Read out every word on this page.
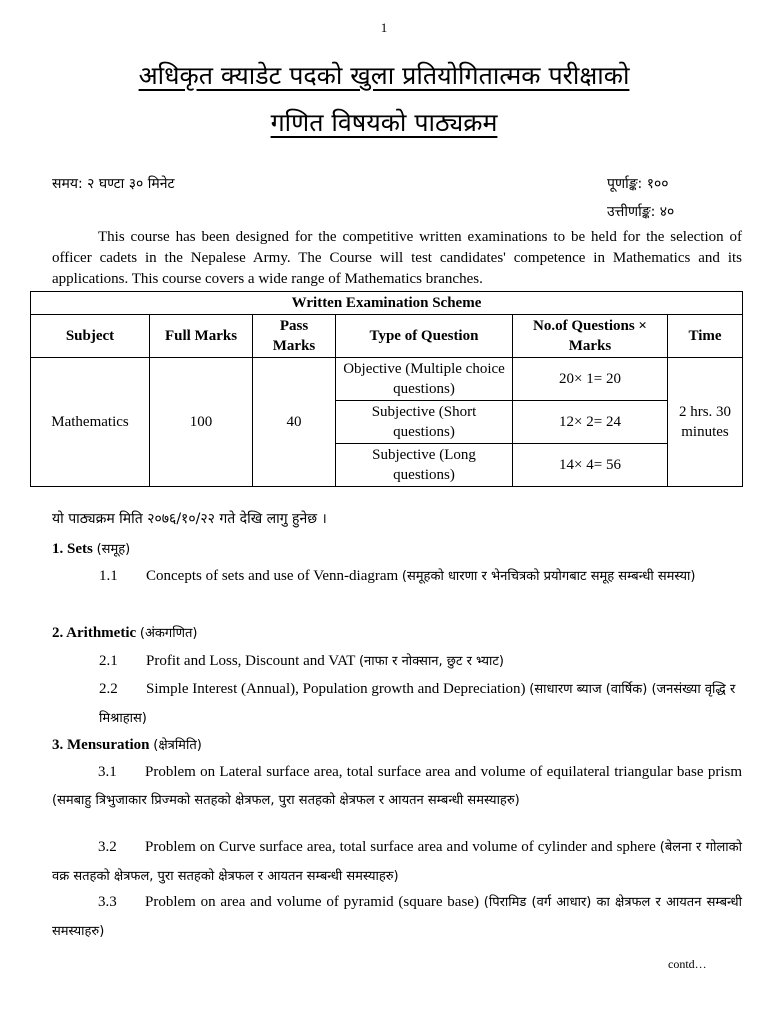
1
अधिकृत क्याडेट पदको खुला प्रतियोगितात्मक परीक्षाको
गणित विषयको पाठ्यक्रम
समय: २ घण्टा ३० मिनेट	पूर्णाङ्क: १००
उत्तीर्णाङ्क: ४०
This course has been designed for the competitive written examinations to be held for the selection of officer cadets in the Nepalese Army. The Course will test candidates' competence in Mathematics and its applications. This course covers a wide range of Mathematics branches.
Written Examination Scheme					
Subject	Full Marks	Pass Marks	Type of Question	No.of Questions × Marks	Time
Mathematics	100	40	Objective (Multiple choice questions)	20× 1= 20	2 hrs. 30 minutes
			Subjective (Short questions)	12× 2= 24	
			Subjective (Long questions)	14× 4= 56	
यो पाठ्यक्रम मिति २०७६/१०/२२ गते देखि लागु हुनेछ ।
1. Sets (समूह)
1.1 Concepts of sets and use of Venn-diagram (समूहको धारणा र भेनचित्रको प्रयोगबाट समूह सम्बन्धी समस्या)
2. Arithmetic (अंकगणित)
2.1 Profit and Loss, Discount and VAT (नाफा र नोक्सान, छुट र भ्याट)
2.2 Simple Interest (Annual), Population growth and Depreciation) (साधारण ब्याज (वार्षिक) (जनसंख्या वृद्धि र मिश्राहास)
3. Mensuration (क्षेत्रमिति)
3.1 Problem on Lateral surface area, total surface area and volume of equilateral triangular base prism (समबाहु त्रिभुजाकार प्रिज्मको सतहको क्षेत्रफल, पुरा सतहको क्षेत्रफल र आयतन सम्बन्धी समस्याहरु)
3.2 Problem on Curve surface area, total surface area and volume of cylinder and sphere (बेलना र गोलाको वक्र सतहको क्षेत्रफल, पुरा सतहको क्षेत्रफल र आयतन सम्बन्धी समस्याहरु)
3.3 Problem on area and volume of pyramid (square base) (पिरामिड (वर्ग आधार) का क्षेत्रफल र आयतन सम्बन्धी समस्याहरु)
contd…
